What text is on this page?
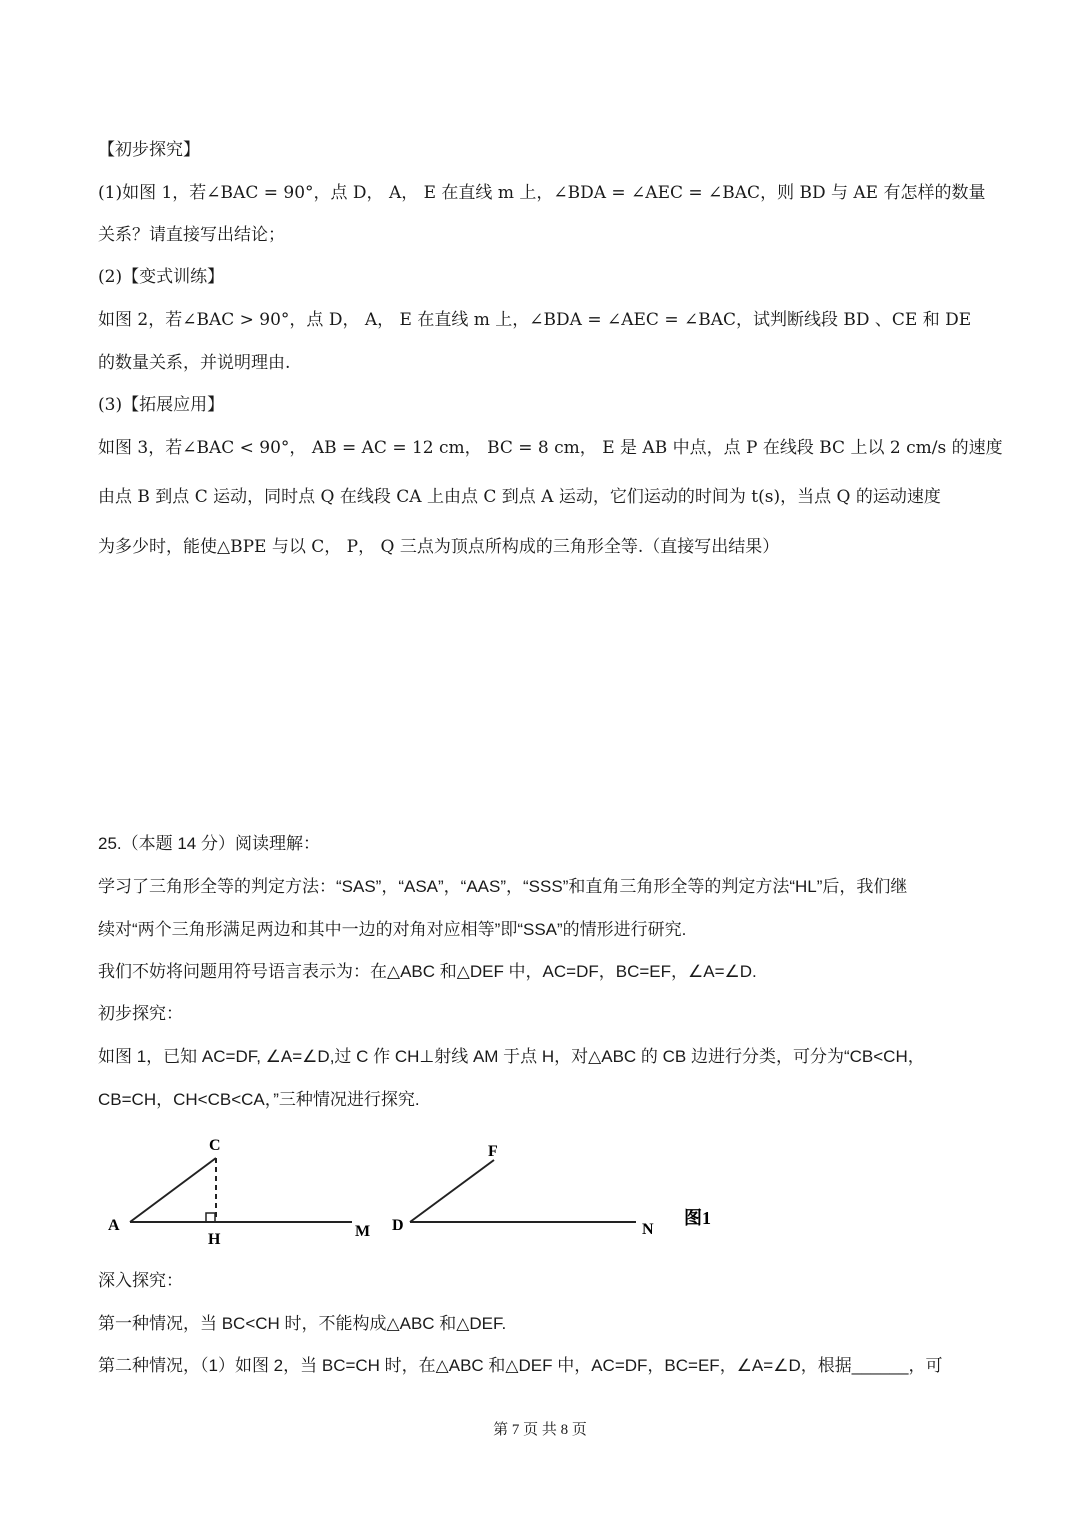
【初步探究】
(1)如图 1，若∠BAC = 90°，点 D， A， E 在直线 m 上，∠BDA = ∠AEC = ∠BAC，则 BD 与 AE 有怎样的数量
关系？请直接写出结论；
(2)【变式训练】
如图 2，若∠BAC > 90°，点 D， A， E 在直线 m 上，∠BDA = ∠AEC = ∠BAC，试判断线段 BD 、CE 和 DE
的数量关系，并说明理由.
(3)【拓展应用】
如图 3，若∠BAC < 90°， AB = AC = 12 cm， BC = 8 cm， E 是 AB 中点，点 P 在线段 BC 上以 2 cm/s 的速度
由点 B 到点 C 运动，同时点 Q 在线段 CA 上由点 C 到点 A 运动，它们运动的时间为 t(s)，当点 Q 的运动速度
为多少时，能使△BPE 与以 C， P， Q 三点为顶点所构成的三角形全等.（直接写出结果）
25.（本题 14 分）阅读理解：
学习了三角形全等的判定方法：“SAS”，“ASA”，“AAS”，“SSS”和直角三角形全等的判定方法“HL”后，我们继
续对“两个三角形满足两边和其中一边的对角对应相等”即“SSA”的情形进行研究.
我们不妨将问题用符号语言表示为：在△ABC 和△DEF 中，AC=DF，BC=EF，∠A=∠D.
初步探究：
如图 1，已知 AC=DF, ∠A=∠D,过 C 作 CH⊥射线 AM 于点 H，对△ABC 的 CB 边进行分类，可分为“CB<CH，
CB=CH，CH<CB<CA，”三种情况进行探究.
A
C
H	M D
F
N
图1
深入探究：
第一种情况，当 BC<CH 时，不能构成△ABC 和△DEF.
第二种情况，（1）如图 2，当 BC=CH 时，在△ABC 和△DEF 中，AC=DF，BC=EF，∠A=∠D，根据______，可
第 7 页 共 8 页
